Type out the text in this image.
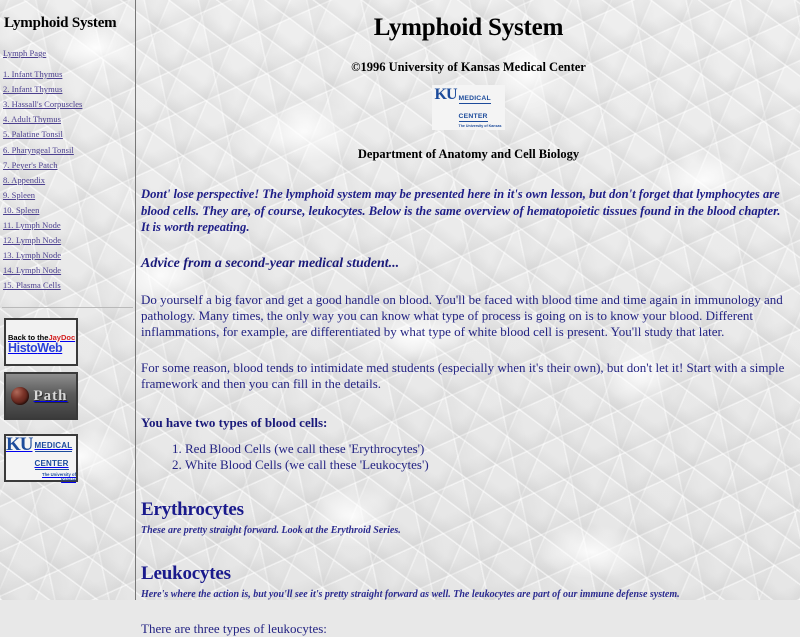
Lymphoid System
Lymph Page
1. Infant Thymus
2. Infant Thymus
3. Hassall's Corpuscles
4. Adult Thymus
5. Palatine Tonsil
6. Pharyngeal Tonsil
7. Peyer's Patch
8. Appendix
9. Spleen
10. Spleen
11. Lymph Node
12. Lymph Node
13. Lymph Node
14. Lymph Node
15. Plasma Cells
Back to theJayDoc
HistoWeb
Path
KU MEDICAL
CENTER
The University of Kansas
Lymphoid System
©1996 University of Kansas Medical Center
KU MEDICAL
CENTER
The University of Kansas
Department of Anatomy and Cell Biology

Dont' lose perspective! The lymphoid system may be presented here in it's own lesson, but don't forget that lymphocytes are blood cells. They are, of course, leukocytes. Below is the same overview of hematopoietic tissues found in the blood chapter. It is worth repeating.

Advice from a second-year medical student...

Do yourself a big favor and get a good handle on blood. You'll be faced with blood time and time again in immunology and pathology. Many times, the only way you can know what type of process is going on is to know your blood. Different inflammations, for example, are differentiated by what type of white blood cell is present. You'll study that later.

For some reason, blood tends to intimidate med students (especially when it's their own), but don't let it! Start with a simple framework and then you can fill in the details.

You have two types of blood cells:

1. Red Blood Cells (we call these 'Erythrocytes')
2. White Blood Cells (we call these 'Leukocytes')
Erythrocytes

These are pretty straight forward. Look at the Erythroid Series.

Leukocytes

Here's where the action is, but you'll see it's pretty straight forward as well. The leukocytes are part of our immune defense system.

There are three types of leukocytes:
